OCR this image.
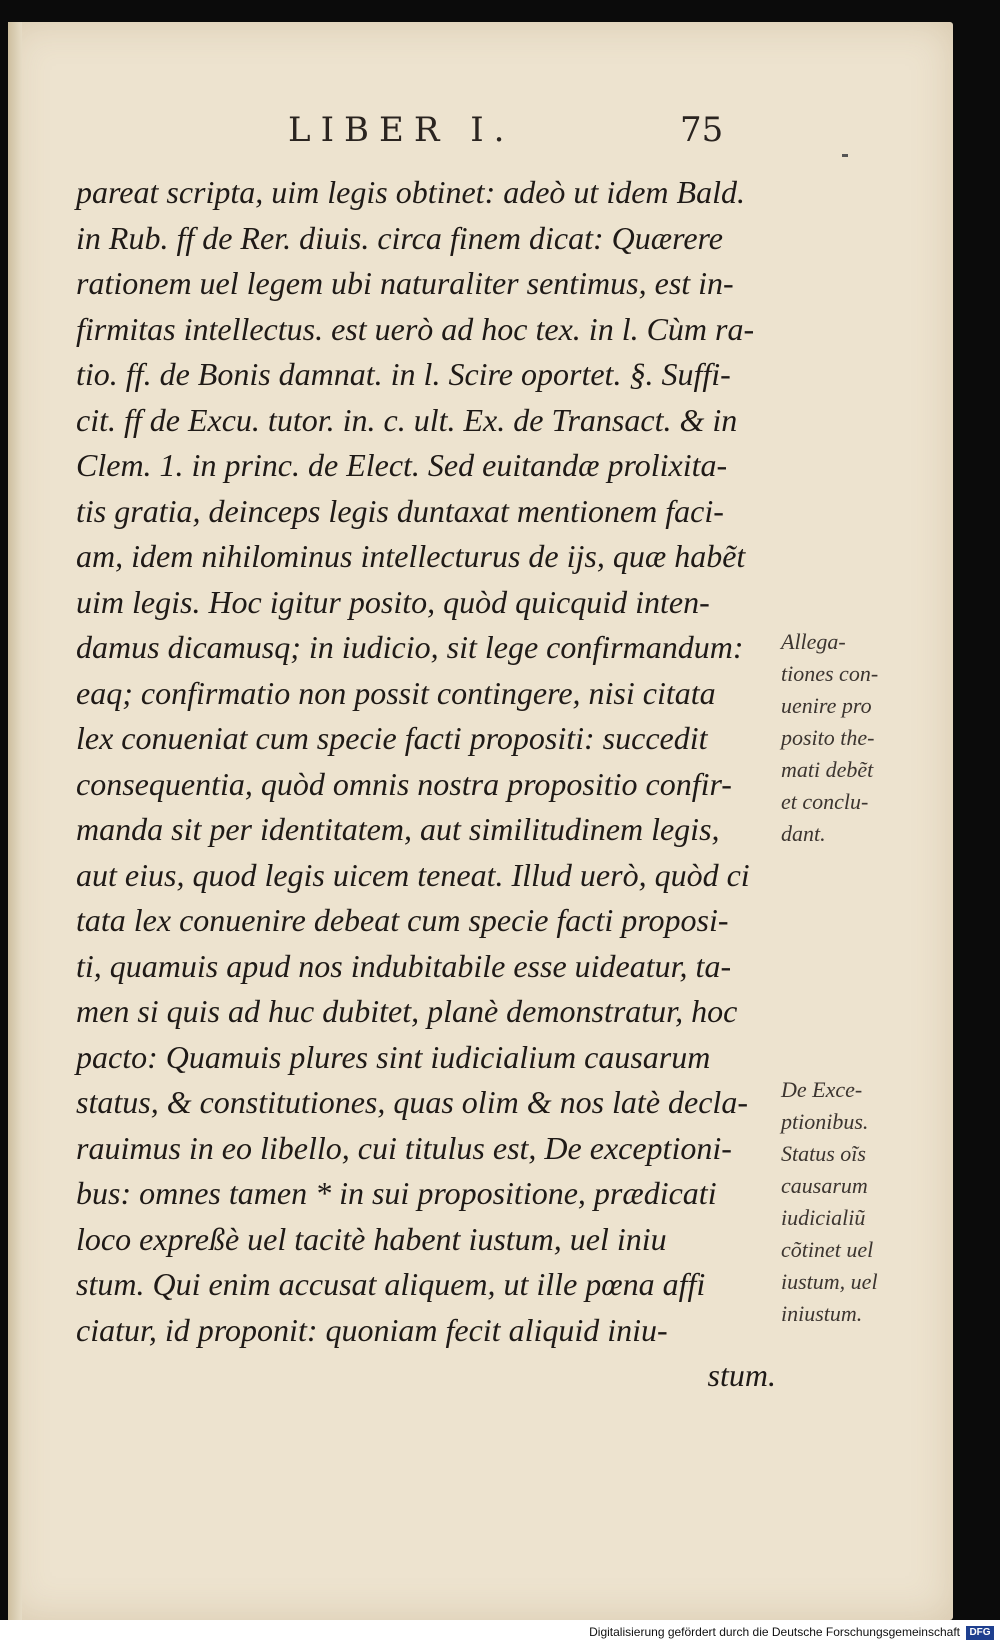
LIBER I.	75
pareat scripta, uim legis obtinet: adeò ut idem Bald.
in Rub. ff de Rer. diuis. circa finem dicat: Quærere
rationem uel legem ubi naturaliter sentimus, est in-
firmitas intellectus. est uerò ad hoc tex. in l. Cùm ra-
tio. ff. de Bonis damnat. in l. Scire oportet. §. Suffi-
cit. ff de Excu. tutor. in. c. ult. Ex. de Transact. & in
Clem. 1. in princ. de Elect. Sed euitandæ prolixita-
tis gratia, deinceps legis duntaxat mentionem faci-
am, idem nihilominus intellecturus de ijs, quæ habẽt
uim legis. Hoc igitur posito, quòd quicquid inten-
damus dicamusq; in iudicio, sit lege confirmandum:
eaq; confirmatio non possit contingere, nisi citata
lex conueniat cum specie facti propositi: succedit
consequentia, quòd omnis nostra propositio confir-
manda sit per identitatem, aut similitudinem legis,
aut eius, quod legis uicem teneat. Illud uerò, quòd ci
tata lex conuenire debeat cum specie facti proposi-
ti, quamuis apud nos indubitabile esse uideatur, ta-
men si quis ad huc dubitet, planè demonstratur, hoc
pacto: Quamuis plures sint iudicialium causarum
status, & constitutiones, quas olim & nos latè decla-
rauimus in eo libello, cui titulus est, De exceptioni-
bus: omnes tamen * in sui propositione, prædicati
loco expreßè uel tacitè habent iustum, uel iniu
stum. Qui enim accusat aliquem, ut ille pœna affi
ciatur, id proponit: quoniam fecit aliquid iniu-
stum.
Allega-
tiones con-
uenire pro
posito the-
mati debẽt
et conclu-
dant.
De Exce-
ptionibus.
Status oĩs
causarum
iudicialiũ
cõtinet uel
iustum, uel
iniustum.
Digitalisierung gefördert durch die Deutsche Forschungsgemeinschaft DFG
